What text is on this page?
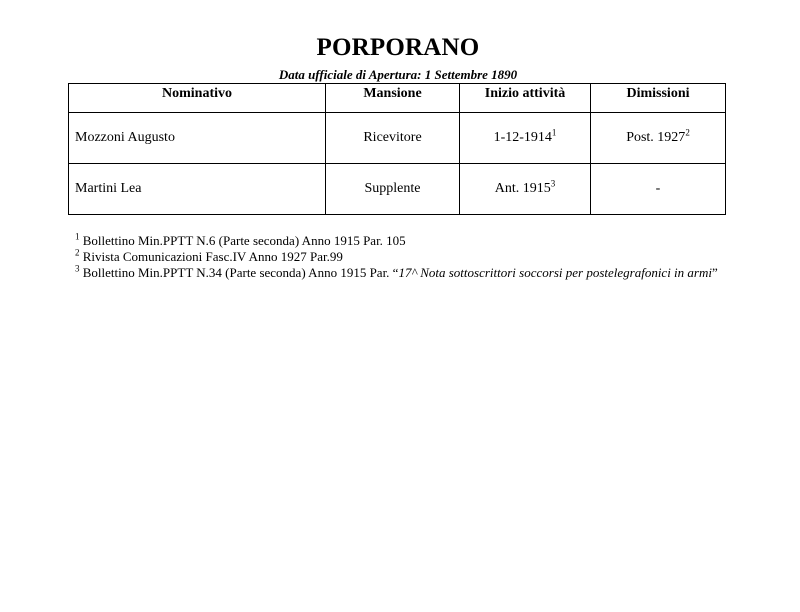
PORPORANO
Data ufficiale di Apertura: 1 Settembre 1890
Nominativo	Mansione	Inizio attività	Dimissioni
Mozzoni Augusto	Ricevitore	1-12-1914$^1$	Post. 1927$^2$
Martini Lea	Supplente	Ant. 1915$^3$	-

$^1$ Bollettino Min.PPTT N.6 (Parte seconda) Anno 1915 Par. 105

$^2$ Rivista Comunicazioni Fasc.IV Anno 1927 Par.99

$^3$ Bollettino Min.PPTT N.34 (Parte seconda) Anno 1915 Par. “17^ Nota sottoscrittori soccorsi per postelegrafonici in armi”
